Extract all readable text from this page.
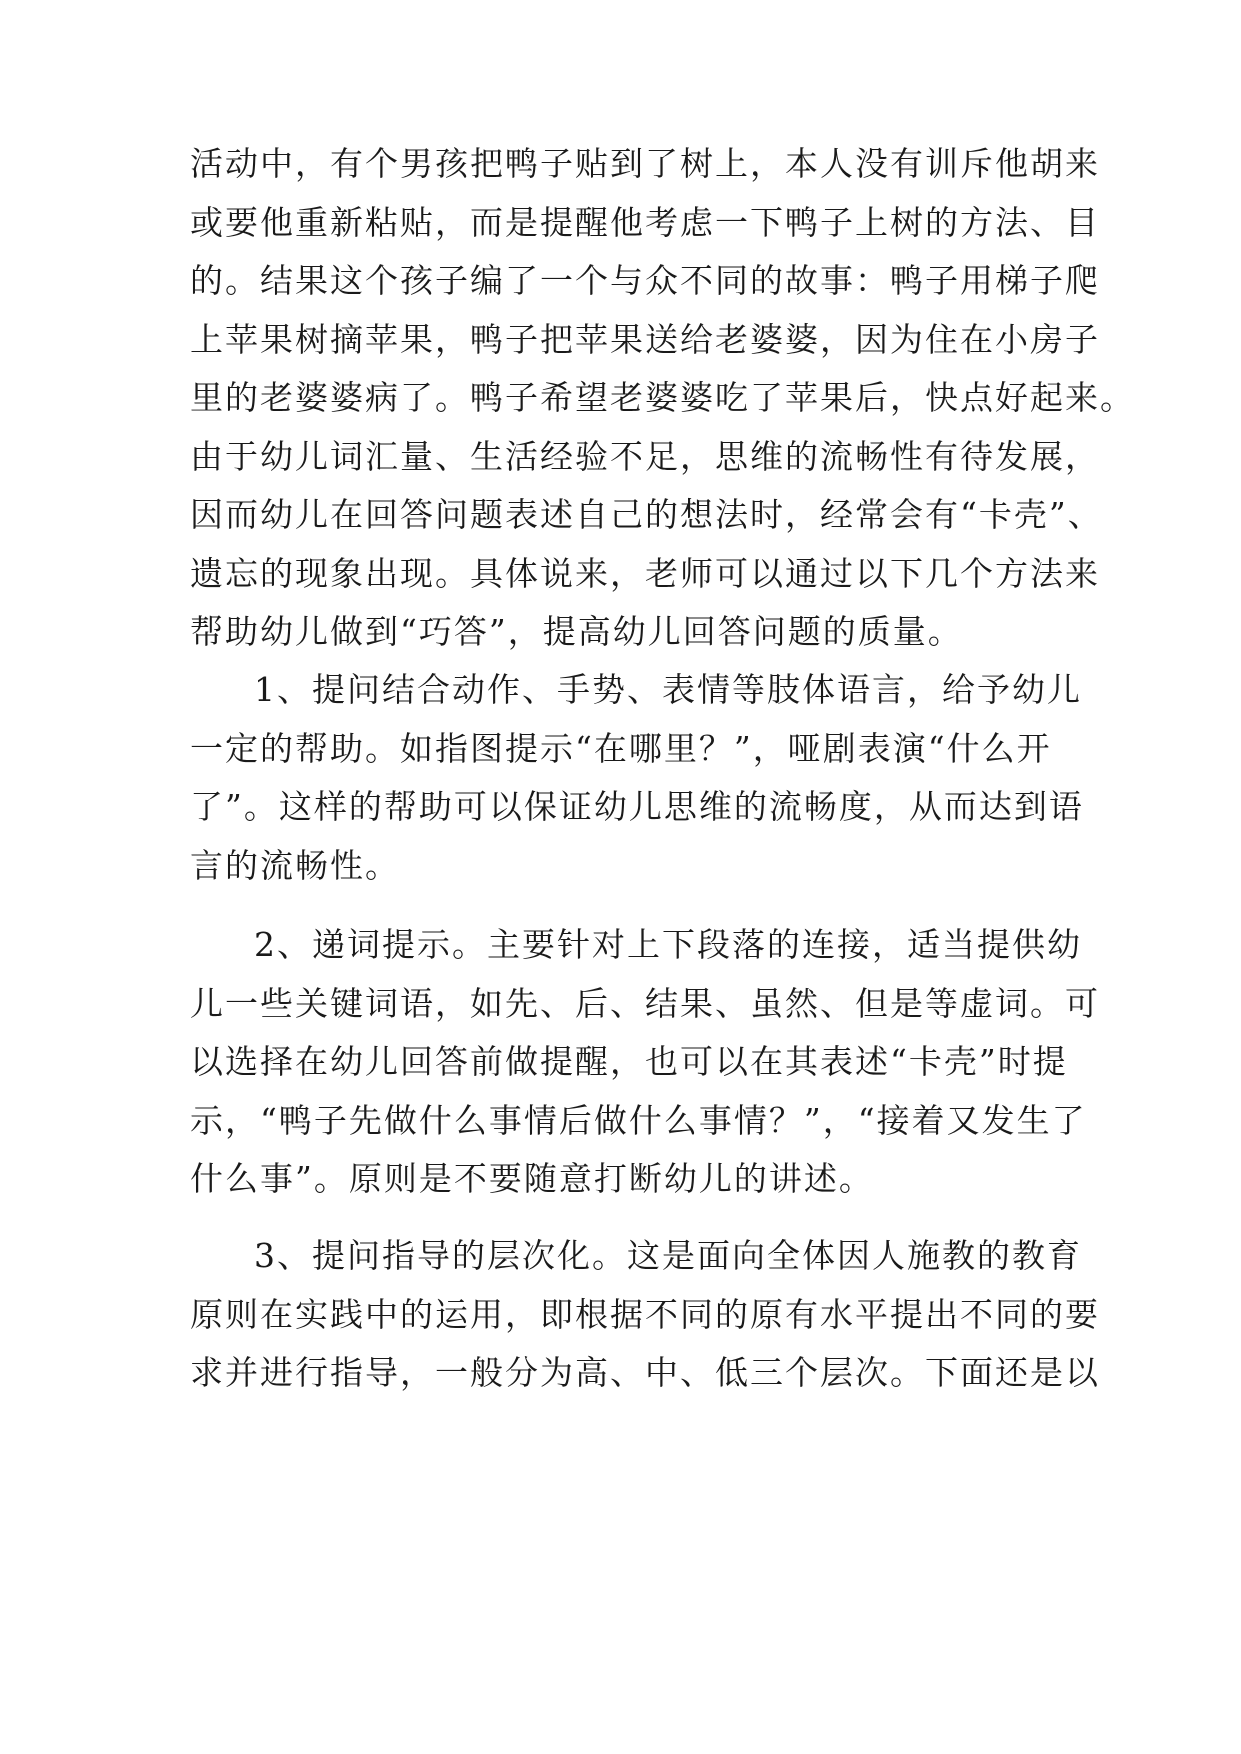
活动中，有个男孩把鸭子贴到了树上，本人没有训斥他胡来
或要他重新粘贴，而是提醒他考虑一下鸭子上树的方法、目
的。结果这个孩子编了一个与众不同的故事：鸭子用梯子爬
上苹果树摘苹果，鸭子把苹果送给老婆婆，因为住在小房子
里的老婆婆病了。鸭子希望老婆婆吃了苹果后，快点好起来。
由于幼儿词汇量、生活经验不足，思维的流畅性有待发展，
因而幼儿在回答问题表述自己的想法时，经常会有“卡壳”、
遗忘的现象出现。具体说来，老师可以通过以下几个方法来
帮助幼儿做到“巧答”，提高幼儿回答问题的质量。
1、提问结合动作、手势、表情等肢体语言，给予幼儿
一定的帮助。如指图提示“在哪里？”，哑剧表演“什么开
了”。这样的帮助可以保证幼儿思维的流畅度，从而达到语
言的流畅性。
2、递词提示。主要针对上下段落的连接，适当提供幼
儿一些关键词语，如先、后、结果、虽然、但是等虚词。可
以选择在幼儿回答前做提醒，也可以在其表述“卡壳”时提
示，“鸭子先做什么事情后做什么事情？”，“接着又发生了
什么事”。原则是不要随意打断幼儿的讲述。
3、提问指导的层次化。这是面向全体因人施教的教育
原则在实践中的运用，即根据不同的原有水平提出不同的要
求并进行指导，一般分为高、中、低三个层次。下面还是以
